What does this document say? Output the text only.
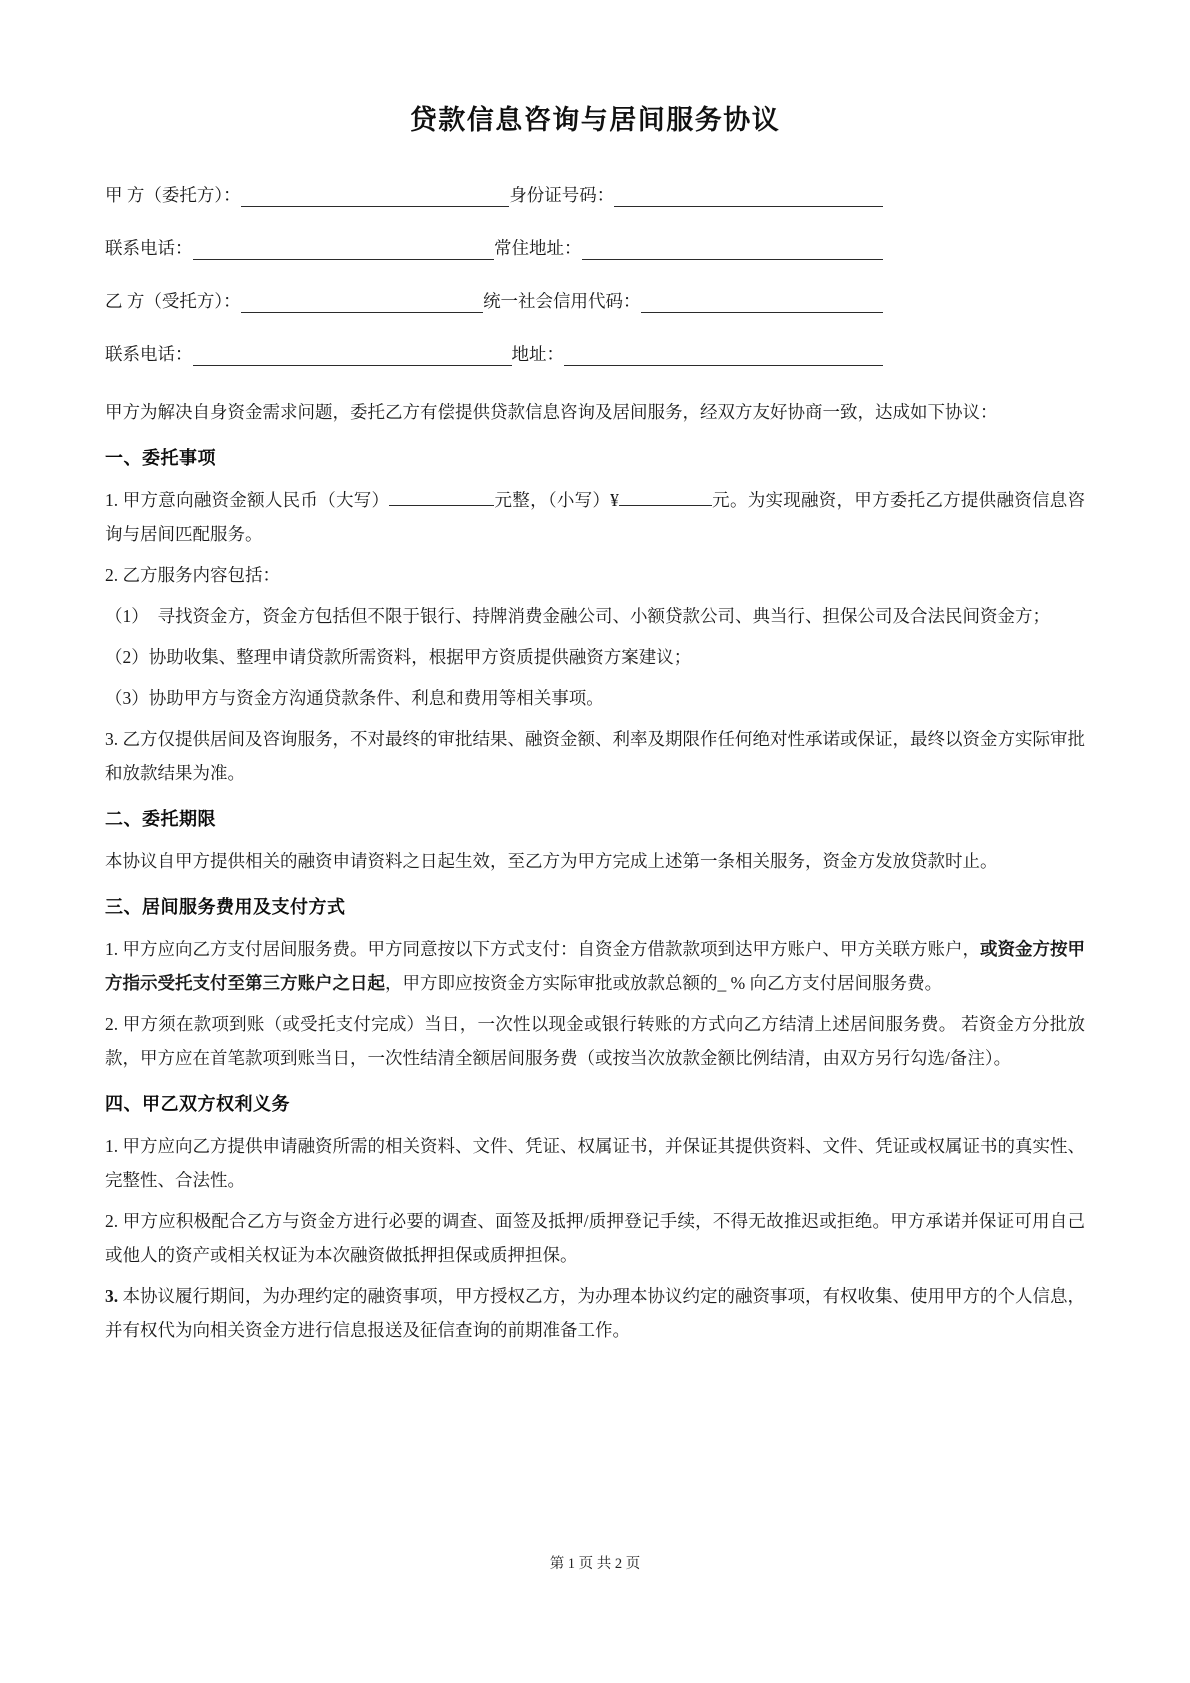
贷款信息咨询与居间服务协议
甲 方（委托方）：	身份证号码：
联系电话：	常住地址：
乙 方（受托方）：	统一社会信用代码：
联系电话：	地址：

甲方为解决自身资金需求问题，委托乙方有偿提供贷款信息咨询及居间服务，经双方友好协商一致，达成如下协议：

一、委托事项

1. 甲方意向融资金额人民币（大写）	元整，（小写）¥	元。为实现融资，甲方委托乙方提供融资信息咨询与居间匹配服务。

2. 乙方服务内容包括：

（1）　寻找资金方，资金方包括但不限于银行、持牌消费金融公司、小额贷款公司、典当行、担保公司及合法民间资金方；

（2）协助收集、整理申请贷款所需资料，根据甲方资质提供融资方案建议；

（3）协助甲方与资金方沟通贷款条件、利息和费用等相关事项。

3. 乙方仅提供居间及咨询服务，不对最终的审批结果、融资金额、利率及期限作任何绝对性承诺或保证，最终以资金方实际审批和放款结果为准。

二、委托期限

本协议自甲方提供相关的融资申请资料之日起生效，至乙方为甲方完成上述第一条相关服务，资金方发放贷款时止。

三、居间服务费用及支付方式

1. 甲方应向乙方支付居间服务费。甲方同意按以下方式支付：自资金方借款款项到达甲方账户、甲方关联方账户，或资金方按甲方指示受托支付至第三方账户之日起，甲方即应按资金方实际审批或放款总额的_ % 向乙方支付居间服务费。

2. 甲方须在款项到账（或受托支付完成）当日，一次性以现金或银行转账的方式向乙方结清上述居间服务费。 若资金方分批放款，甲方应在首笔款项到账当日，一次性结清全额居间服务费（或按当次放款金额比例结清，由双方另行勾选/备注）。

四、甲乙双方权利义务

1. 甲方应向乙方提供申请融资所需的相关资料、文件、凭证、权属证书，并保证其提供资料、文件、凭证或权属证书的真实性、完整性、合法性。

2. 甲方应积极配合乙方与资金方进行必要的调查、面签及抵押/质押登记手续，不得无故推迟或拒绝。甲方承诺并保证可用自己或他人的资产或相关权证为本次融资做抵押担保或质押担保。

3. 本协议履行期间，为办理约定的融资事项，甲方授权乙方，为办理本协议约定的融资事项，有权收集、使用甲方的个人信息，并有权代为向相关资金方进行信息报送及征信查询的前期准备工作。

第 1 页 共 2 页
